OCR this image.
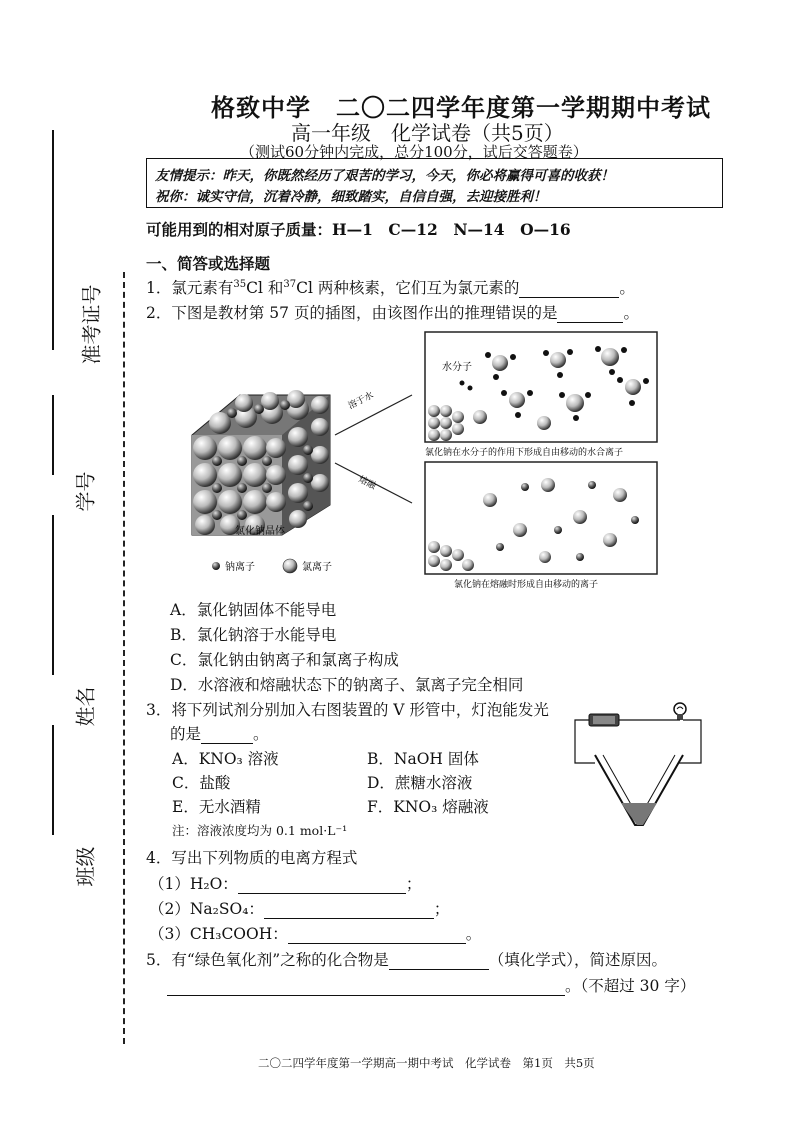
准考证号
学号
姓名
班级
格致中学　二〇二四学年度第一学期期中考试
高一年级　化学试卷（共5页）
（测试60分钟内完成，总分100分，试后交答题卷）
友情提示：昨天，你既然经历了艰苦的学习，今天，你必将赢得可喜的收获！
祝你：诚实守信，沉着冷静，细致踏实，自信自强，去迎接胜利！
可能用到的相对原子质量：H—1　C—12　N—14　O—16
一、简答或选择题
1．氯元素有$^{35}$Cl 和$^{37}$Cl 两种核素，它们互为氯元素的	。
2．下图是教材第 57 页的插图，由该图作出的推理错误的是	。
氯化钠晶体
钠离子	氯离子
溶于水
熔融
水分子
氯化钠在水分子的作用下形成自由移动的水合离子
氯化钠在熔融时形成自由移动的离子
A．氯化钠固体不能导电
B．氯化钠溶于水能导电
C．氯化钠由钠离子和氯离子构成
D．水溶液和熔融状态下的钠离子、氯离子完全相同
3．将下列试剂分别加入右图装置的 V 形管中，灯泡能发光
的是	。
A．KNO₃ 溶液	B．NaOH 固体
C．盐酸	D．蔗糖水溶液
E．无水酒精	F．KNO₃ 熔融液
注：溶液浓度均为 0.1 mol·L⁻¹
4．写出下列物质的电离方程式
（1）H₂O：	；
（2）Na₂SO₄：	；
（3）CH₃COOH：	。
5．有“绿色氧化剂”之称的化合物是	（填化学式），简述原因。
。（不超过 30 字）
二〇二四学年度第一学期高一期中考试　化学试卷　第1页　共5页
